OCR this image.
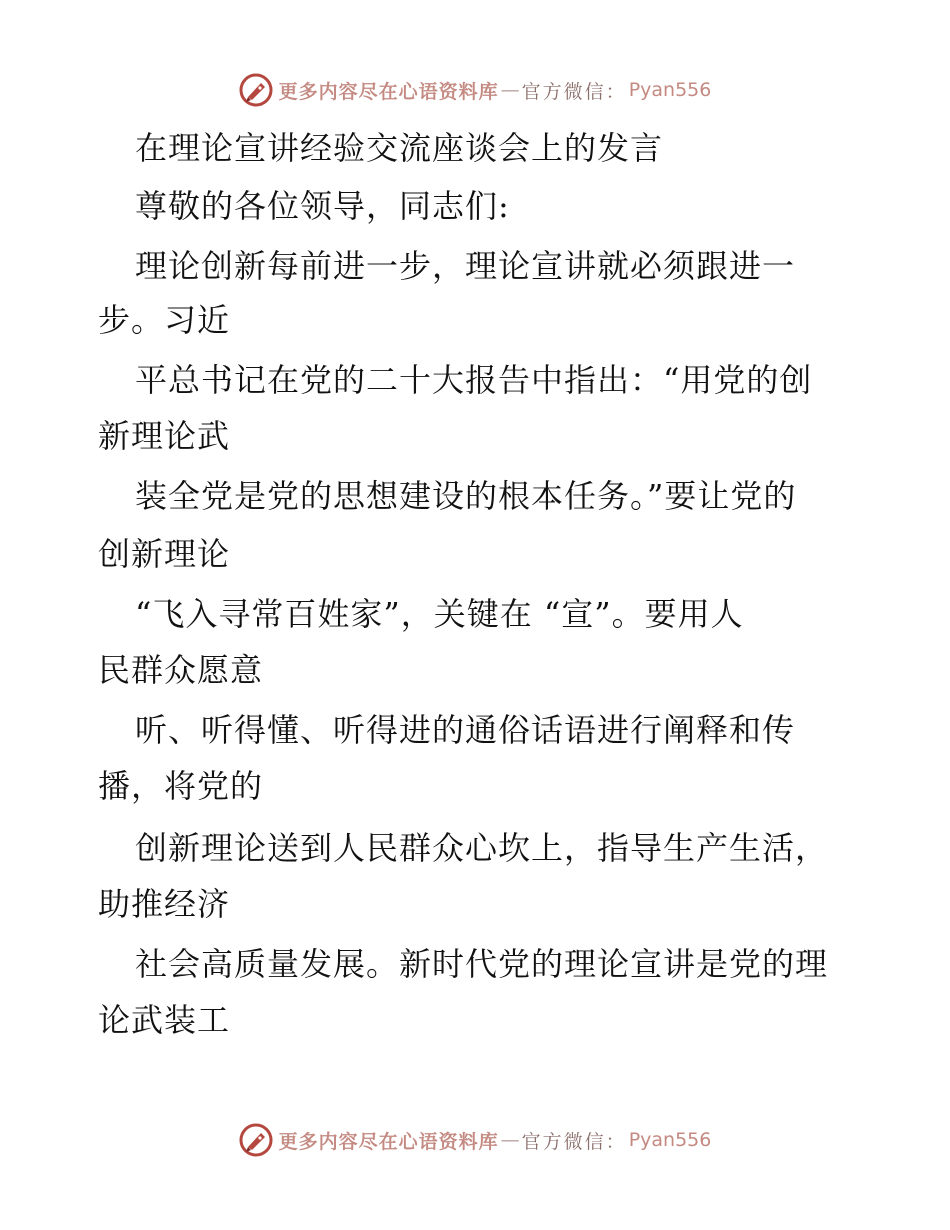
更多内容尽在心语资料库 — 官方微信： Pyan556
在理论宣讲经验交流座谈会上的发言
尊敬的各位领导，同志们:
理论创新每前进一步，理论宣讲就必须跟进一
步。习近
平总书记在党的二十大报告中指出：“用党的创
新理论武
装全党是党的思想建设的根本任务。”要让党的
创新理论
“飞入寻常百姓家”，关键在 “宣”。要用人
民群众愿意
听、听得懂、听得进的通俗话语进行阐释和传
播，将党的
创新理论送到人民群众心坎上，指导生产生活，
助推经济
社会高质量发展。新时代党的理论宣讲是党的理
论武装工
更多内容尽在心语资料库 — 官方微信： Pyan556
